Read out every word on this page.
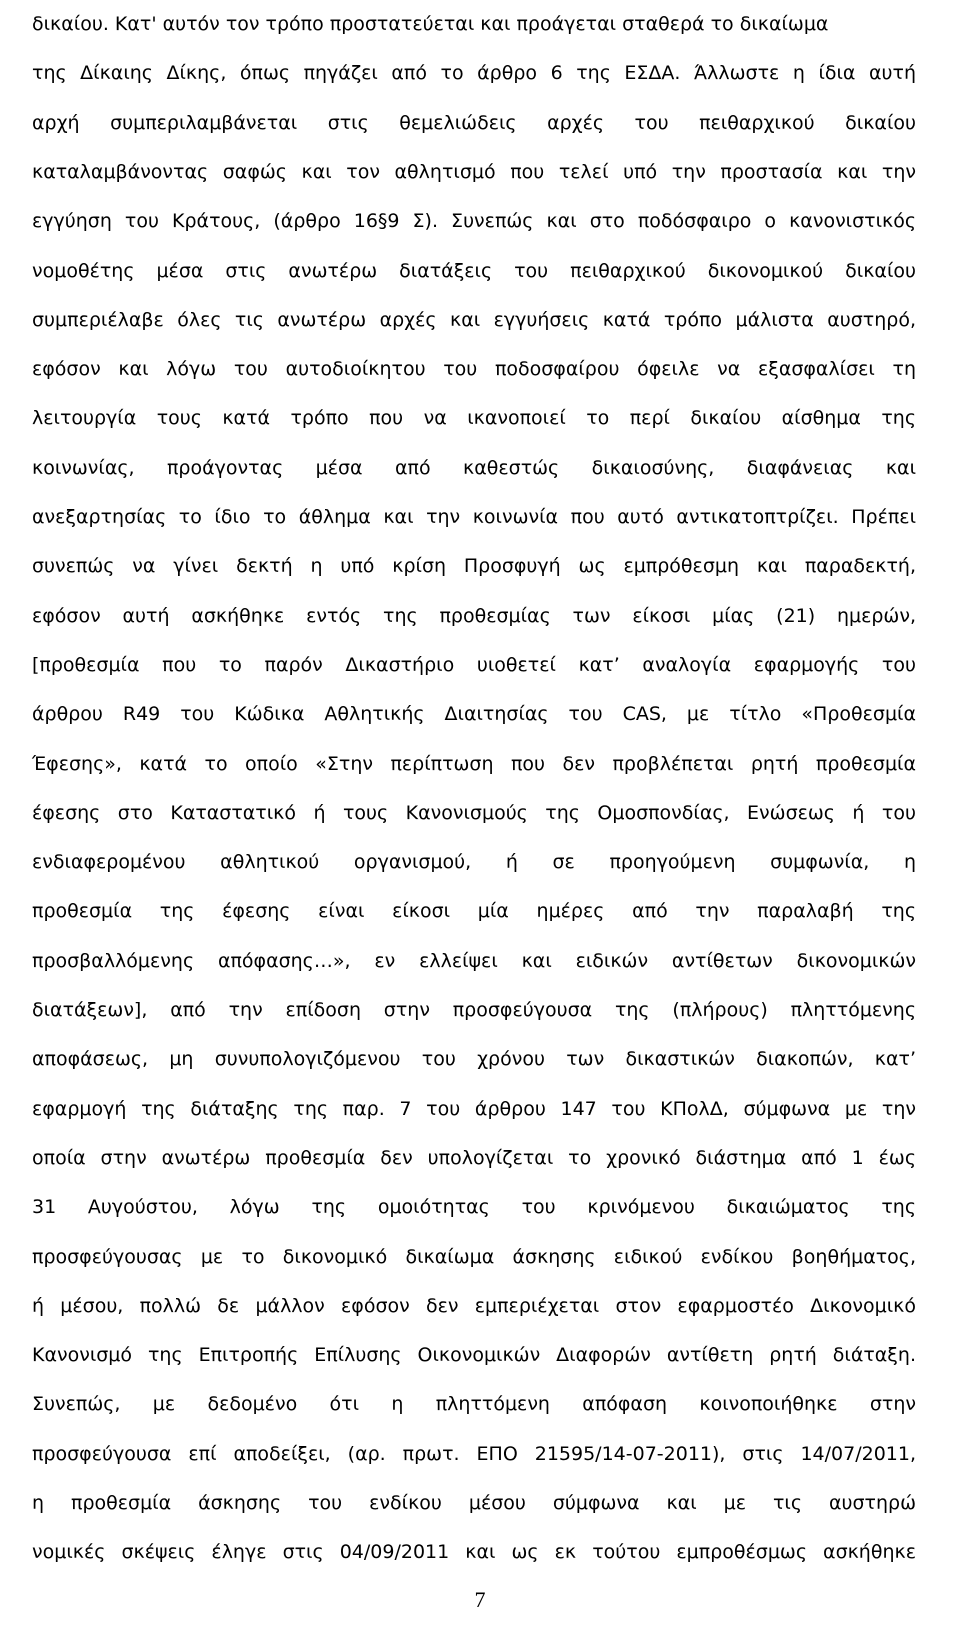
δικαίου. Κατ' αυτόν τον τρόπο προστατεύεται και προάγεται σταθερά το δικαίωμα
της Δίκαιης Δίκης, όπως πηγάζει από το άρθρο 6 της ΕΣΔΑ. Άλλωστε η ίδια αυτή
αρχή συμπεριλαμβάνεται στις θεμελιώδεις αρχές του πειθαρχικού δικαίου
καταλαμβάνοντας σαφώς και τον αθλητισμό που τελεί υπό την προστασία και την
εγγύηση του Κράτους, (άρθρο 16§9 Σ). Συνεπώς και στο ποδόσφαιρο ο κανονιστικός
νομοθέτης μέσα στις ανωτέρω διατάξεις του πειθαρχικού δικονομικού δικαίου
συμπεριέλαβε όλες τις ανωτέρω αρχές και εγγυήσεις κατά τρόπο μάλιστα αυστηρό,
εφόσον και λόγω του αυτοδιοίκητου του ποδοσφαίρου όφειλε να εξασφαλίσει τη
λειτουργία τους κατά τρόπο που να ικανοποιεί το περί δικαίου αίσθημα της
κοινωνίας, προάγοντας μέσα από καθεστώς δικαιοσύνης, διαφάνειας και
ανεξαρτησίας το ίδιο το άθλημα και την κοινωνία που αυτό αντικατοπτρίζει. Πρέπει
συνεπώς να γίνει δεκτή η υπό κρίση Προσφυγή ως εμπρόθεσμη και παραδεκτή,
εφόσον αυτή ασκήθηκε εντός της προθεσμίας των είκοσι μίας (21) ημερών,
[προθεσμία που το παρόν Δικαστήριο υιοθετεί κατ’ αναλογία εφαρμογής του
άρθρου R49 του Κώδικα Αθλητικής Διαιτησίας του CAS, με τίτλο «Προθεσμία
Έφεσης», κατά το οποίο «Στην περίπτωση που δεν προβλέπεται ρητή προθεσμία
έφεσης στο Καταστατικό ή τους Κανονισμούς της Ομοσπονδίας, Ενώσεως ή του
ενδιαφερομένου αθλητικού οργανισμού, ή σε προηγούμενη συμφωνία, η
προθεσμία της έφεσης είναι είκοσι μία ημέρες από την παραλαβή της
προσβαλλόμενης απόφασης…», εν ελλείψει και ειδικών αντίθετων δικονομικών
διατάξεων], από την επίδοση στην προσφεύγουσα της (πλήρους) πληττόμενης
αποφάσεως, μη συνυπολογιζόμενου του χρόνου των δικαστικών διακοπών, κατ’
εφαρμογή της διάταξης της παρ. 7 του άρθρου 147 του ΚΠολΔ, σύμφωνα με την
οποία στην ανωτέρω προθεσμία δεν υπολογίζεται το χρονικό διάστημα από 1 έως
31 Αυγούστου, λόγω της ομοιότητας του κρινόμενου δικαιώματος της
προσφεύγουσας με το δικονομικό δικαίωμα άσκησης ειδικού ενδίκου βοηθήματος,
ή μέσου, πολλώ δε μάλλον εφόσον δεν εμπεριέχεται στον εφαρμοστέο Δικονομικό
Κανονισμό της Επιτροπής Επίλυσης Οικονομικών Διαφορών αντίθετη ρητή διάταξη.
Συνεπώς, με δεδομένο ότι η πληττόμενη απόφαση κοινοποιήθηκε στην
προσφεύγουσα επί αποδείξει, (αρ. πρωτ. ΕΠΟ 21595/14-07-2011), στις 14/07/2011,
η προθεσμία άσκησης του ενδίκου μέσου σύμφωνα και με τις αυστηρώ
νομικές σκέψεις έληγε στις 04/09/2011 και ως εκ τούτου εμπροθέσμως ασκήθηκε
7
